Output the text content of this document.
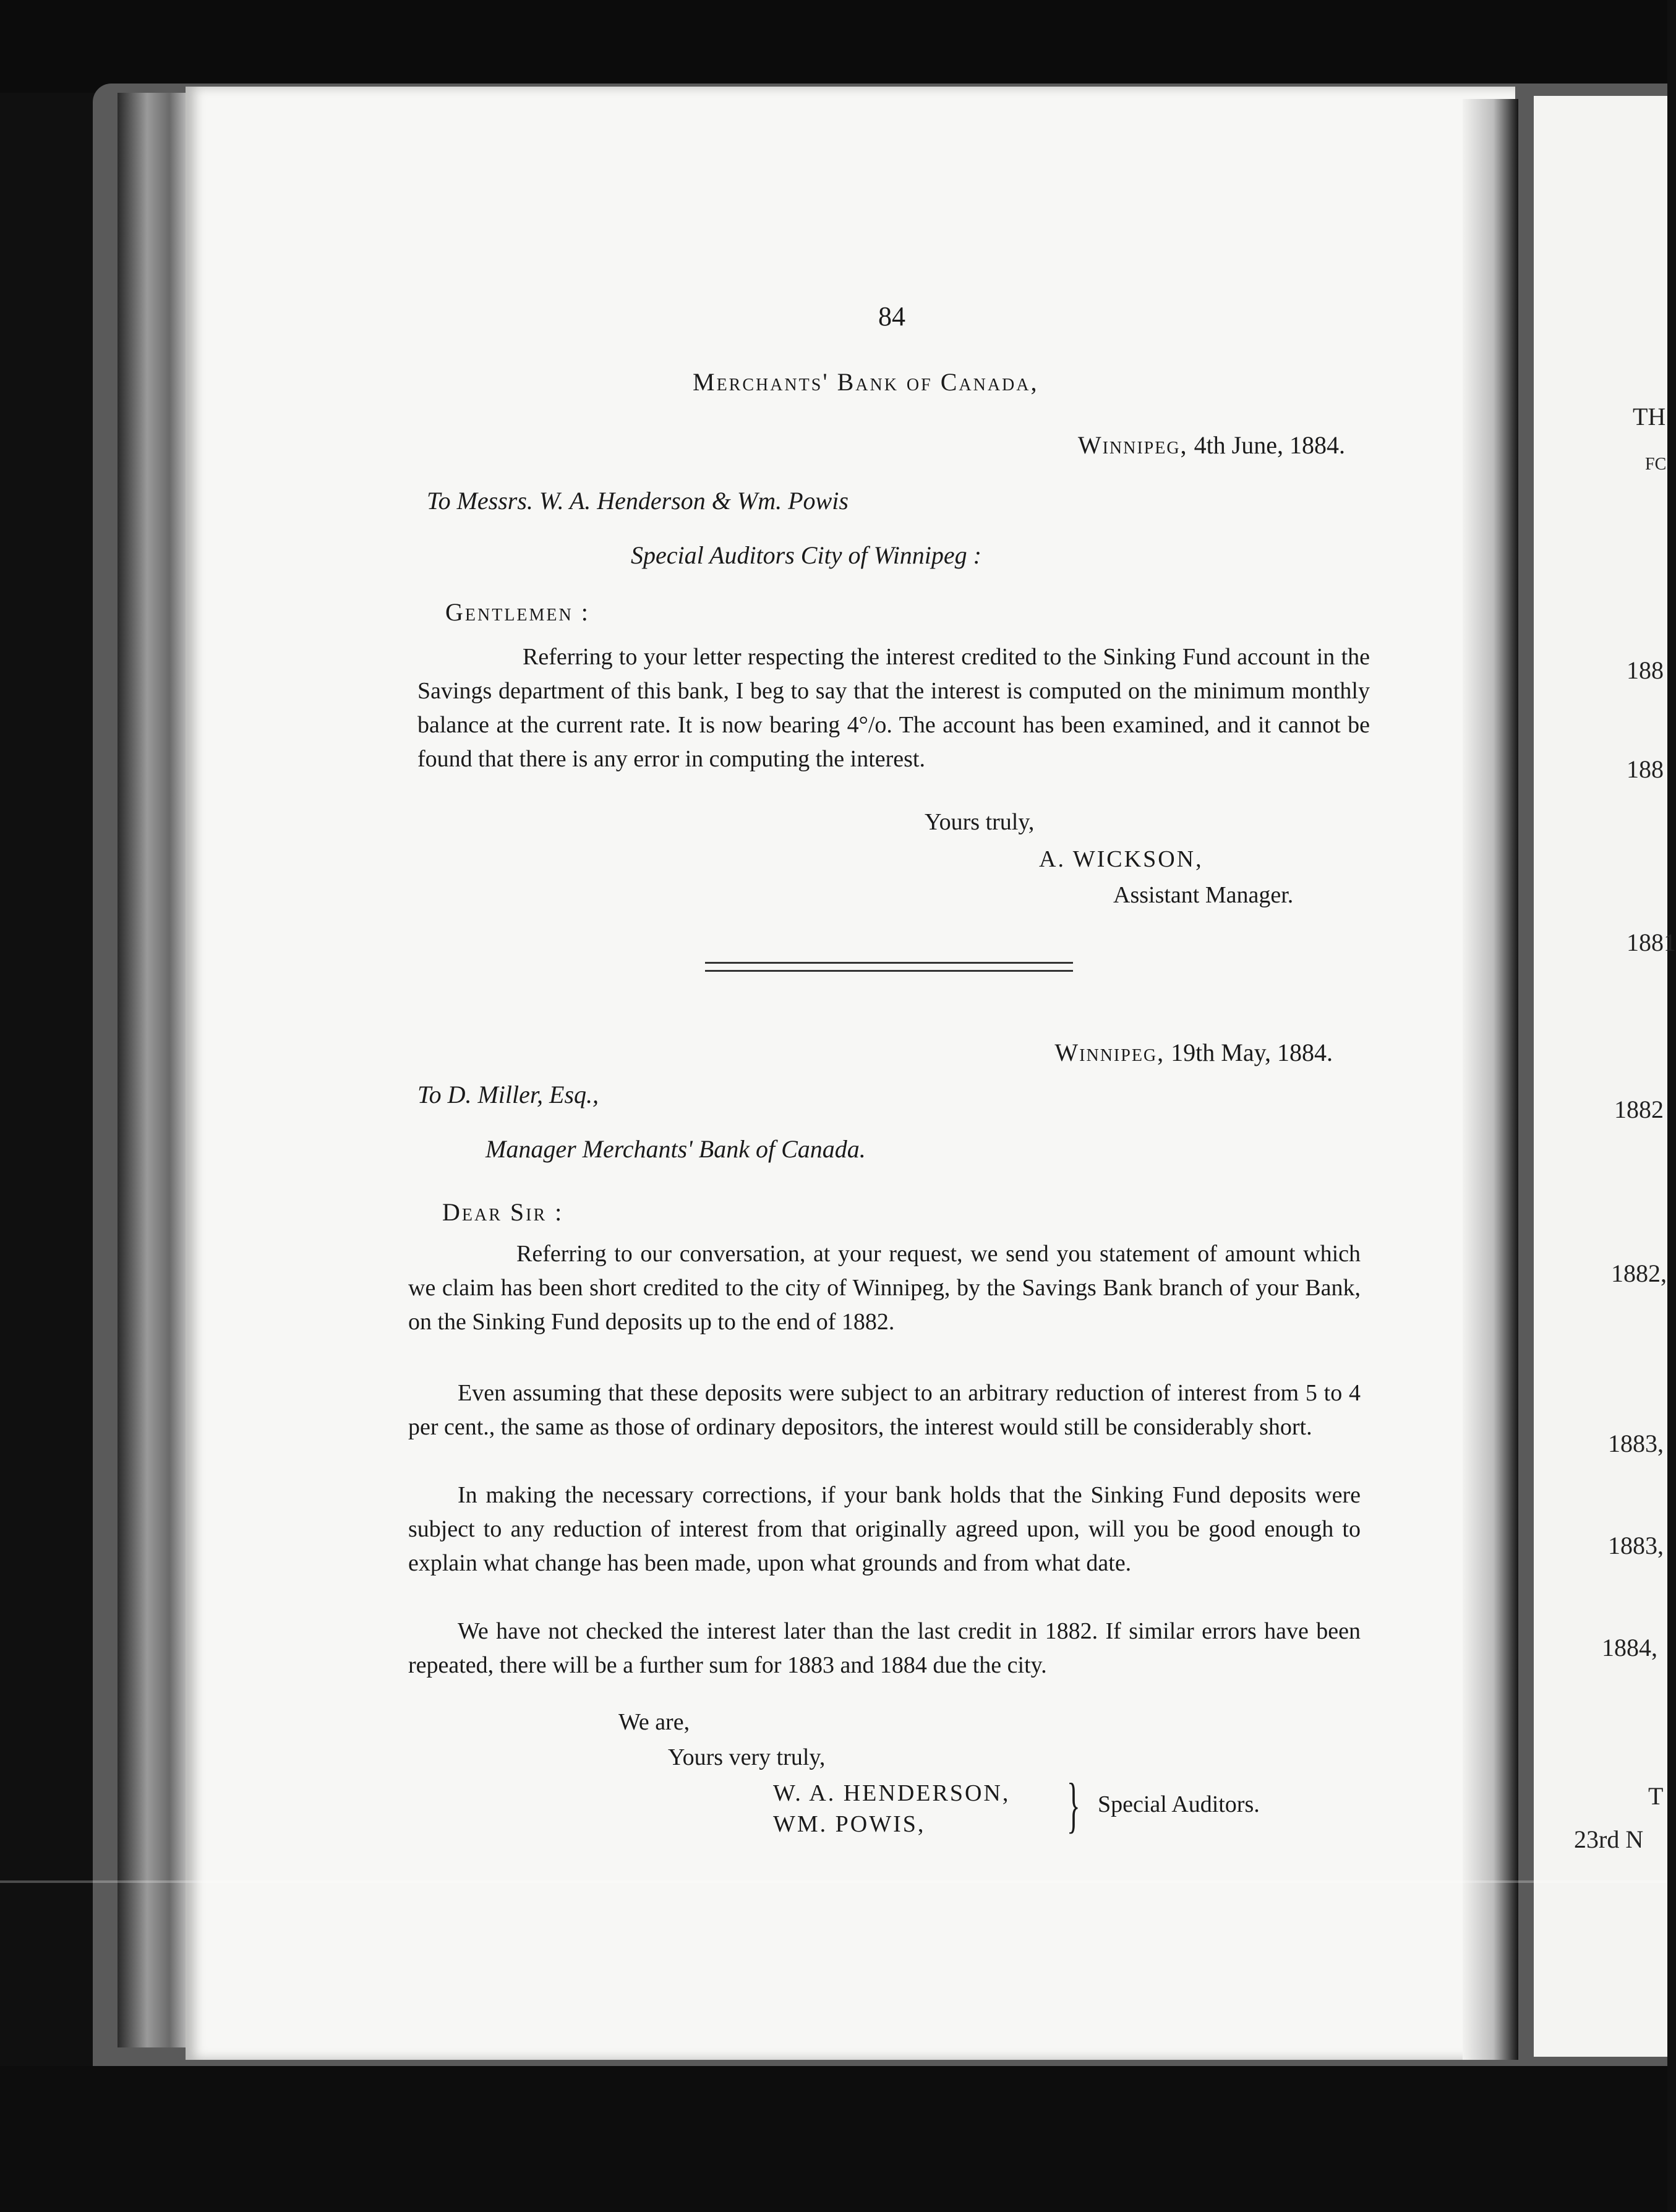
84
Merchants' Bank of Canada,
Winnipeg, 4th June, 1884.
To Messrs. W. A. Henderson & Wm. Powis
Special Auditors City of Winnipeg :
Gentlemen :
Referring to your letter respecting the interest credited to the Sinking Fund account in the Savings department of this bank, I beg to say that the interest is computed on the minimum monthly balance at the current rate. It is now bearing 4°/o. The account has been examined, and it cannot be found that there is any error in computing the interest.
Yours truly,
A. WICKSON,
Assistant Manager.
Winnipeg, 19th May, 1884.
To D. Miller, Esq.,
Manager Merchants' Bank of Canada.
Dear Sir :
Referring to our conversation, at your request, we send you statement of amount which we claim has been short credited to the city of Winnipeg, by the Savings Bank branch of your Bank, on the Sinking Fund deposits up to the end of 1882.
Even assuming that these deposits were subject to an arbitrary reduction of interest from 5 to 4 per cent., the same as those of ordinary depositors, the interest would still be considerably short.
In making the necessary corrections, if your bank holds that the Sinking Fund deposits were subject to any reduction of interest from that originally agreed upon, will you be good enough to explain what change has been made, upon what grounds and from what date.
We have not checked the interest later than the last credit in 1882. If similar errors have been repeated, there will be a further sum for 1883 and 1884 due the city.
We are,
Yours very truly,
W. A. HENDERSON,
WM. POWIS, } Special Auditors.
TH
FC
188
188
1881
1882
1882,
1883,
1883,
1884,
T
23rd N
